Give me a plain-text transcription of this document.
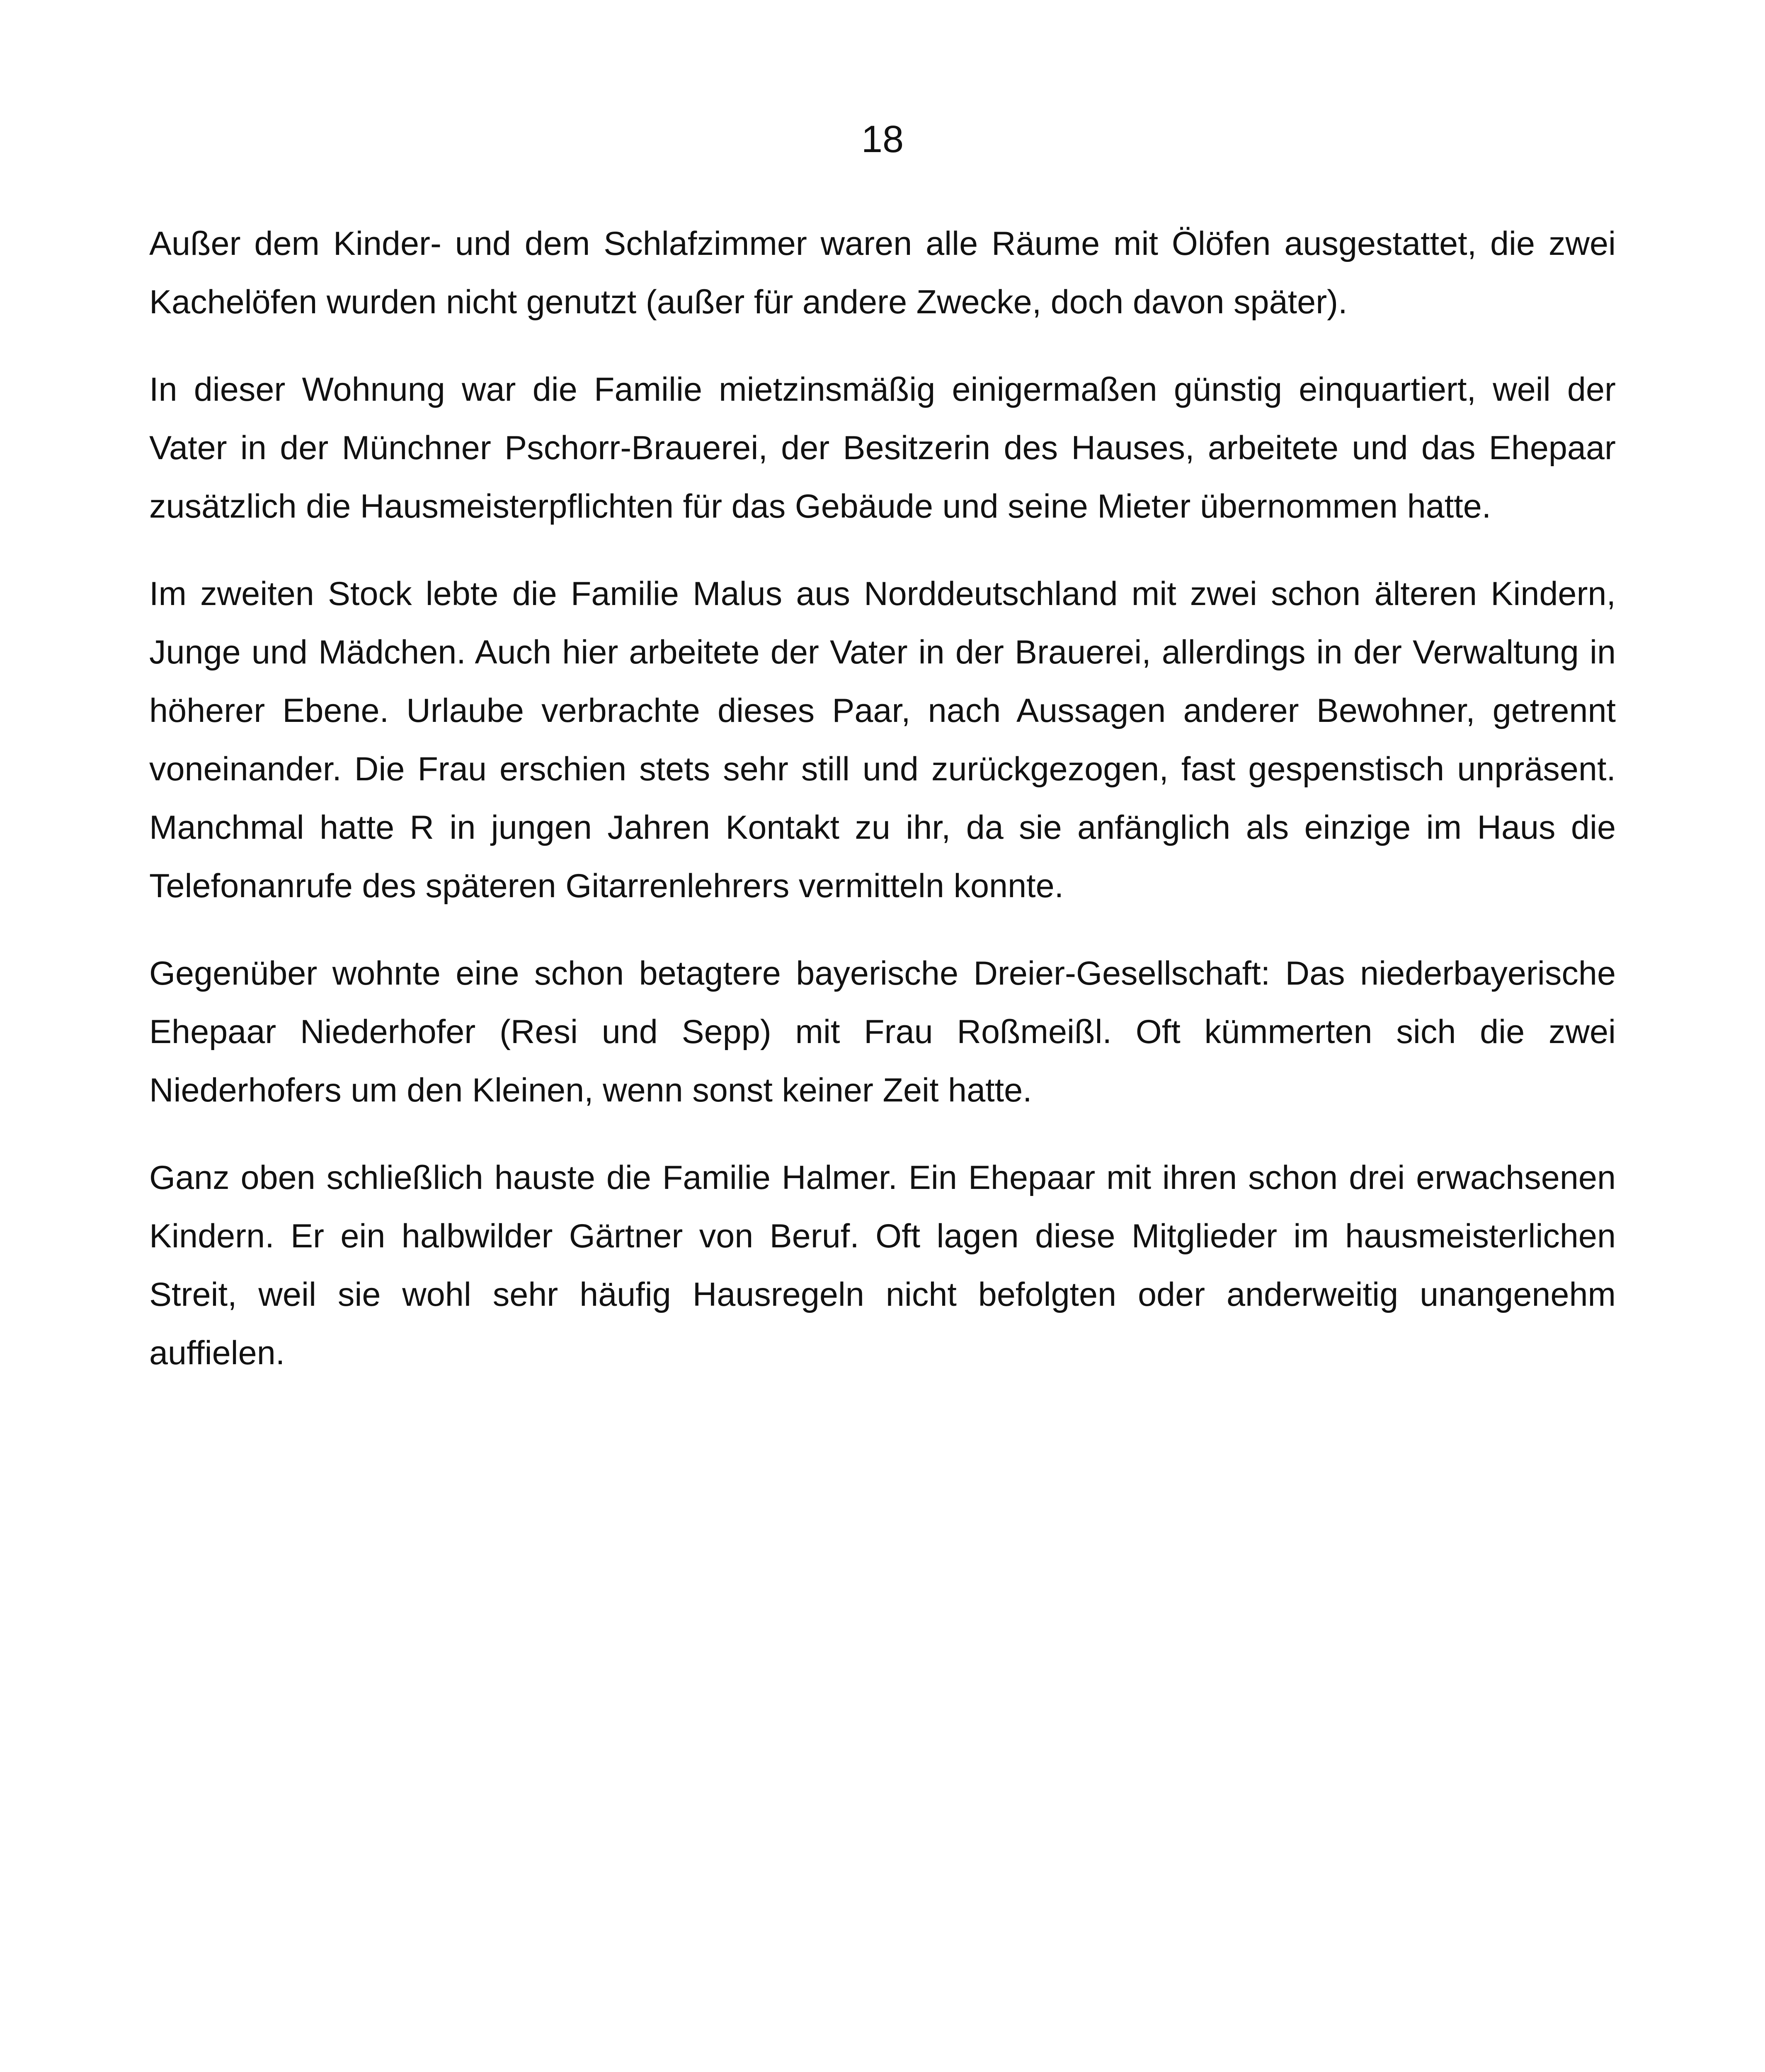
18

Außer dem Kinder- und dem Schlafzimmer waren alle Räume mit Ölöfen ausgestattet, die zwei Kachelöfen wurden nicht genutzt (außer für andere Zwecke, doch davon später).

In dieser Wohnung war die Familie mietzinsmäßig einigermaßen günstig einquartiert, weil der Vater in der Münchner Pschorr-Brauerei, der Besitzerin des Hauses, arbeitete und das Ehepaar zusätzlich die Hausmeisterpflichten für das Gebäude und seine Mieter übernommen hatte.

Im zweiten Stock lebte die Familie Malus aus Norddeutschland mit zwei schon älteren Kindern, Junge und Mädchen. Auch hier arbeitete der Vater in der Brauerei, allerdings in der Verwaltung in höherer Ebene. Urlaube verbrachte dieses Paar, nach Aussagen anderer Bewohner, getrennt voneinander. Die Frau erschien stets sehr still und zurückgezogen, fast gespenstisch unpräsent. Manchmal hatte R in jungen Jahren Kontakt zu ihr, da sie anfänglich als einzige im Haus die Telefonanrufe des späteren Gitarrenlehrers vermitteln konnte.

Gegenüber wohnte eine schon betagtere bayerische Dreier-Gesellschaft: Das niederbayerische Ehepaar Niederhofer (Resi und Sepp) mit Frau Roßmeißl. Oft kümmerten sich die zwei Niederhofers um den Kleinen, wenn sonst keiner Zeit hatte.

Ganz oben schließlich hauste die Familie Halmer. Ein Ehepaar mit ihren schon drei erwachsenen Kindern. Er ein halbwilder Gärtner von Beruf. Oft lagen diese Mitglieder im hausmeisterlichen Streit, weil sie wohl sehr häufig Hausregeln nicht befolgten oder anderweitig unangenehm auffielen.
